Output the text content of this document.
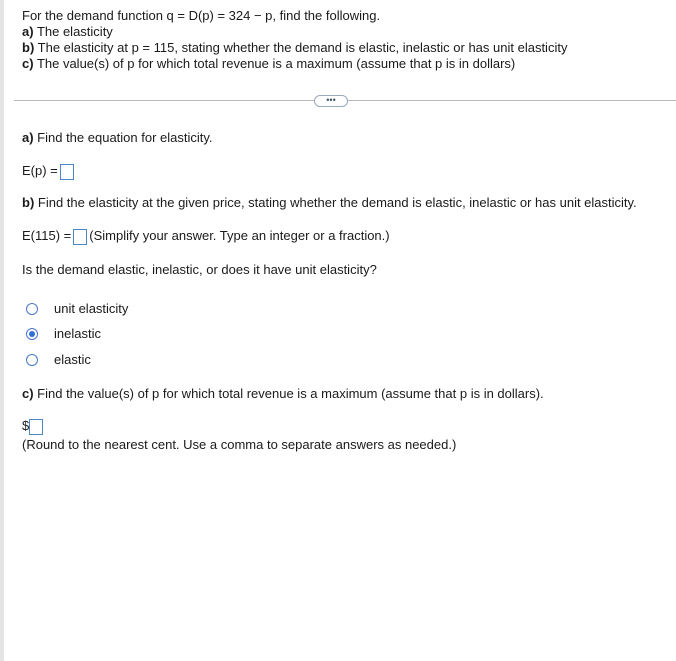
For the demand function q = D(p) = 324 − p, find the following.
a) The elasticity
b) The elasticity at p = 115, stating whether the demand is elastic, inelastic or has unit elasticity
c) The value(s) of p for which total revenue is a maximum (assume that p is in dollars)
•••
a) Find the equation for elasticity.
E(p) =
b) Find the elasticity at the given price, stating whether the demand is elastic, inelastic or has unit elasticity.
E(115) = (Simplify your answer. Type an integer or a fraction.)
Is the demand elastic, inelastic, or does it have unit elasticity?
unit elasticity
inelastic
elastic
c) Find the value(s) of p for which total revenue is a maximum (assume that p is in dollars).
$
(Round to the nearest cent. Use a comma to separate answers as needed.)
